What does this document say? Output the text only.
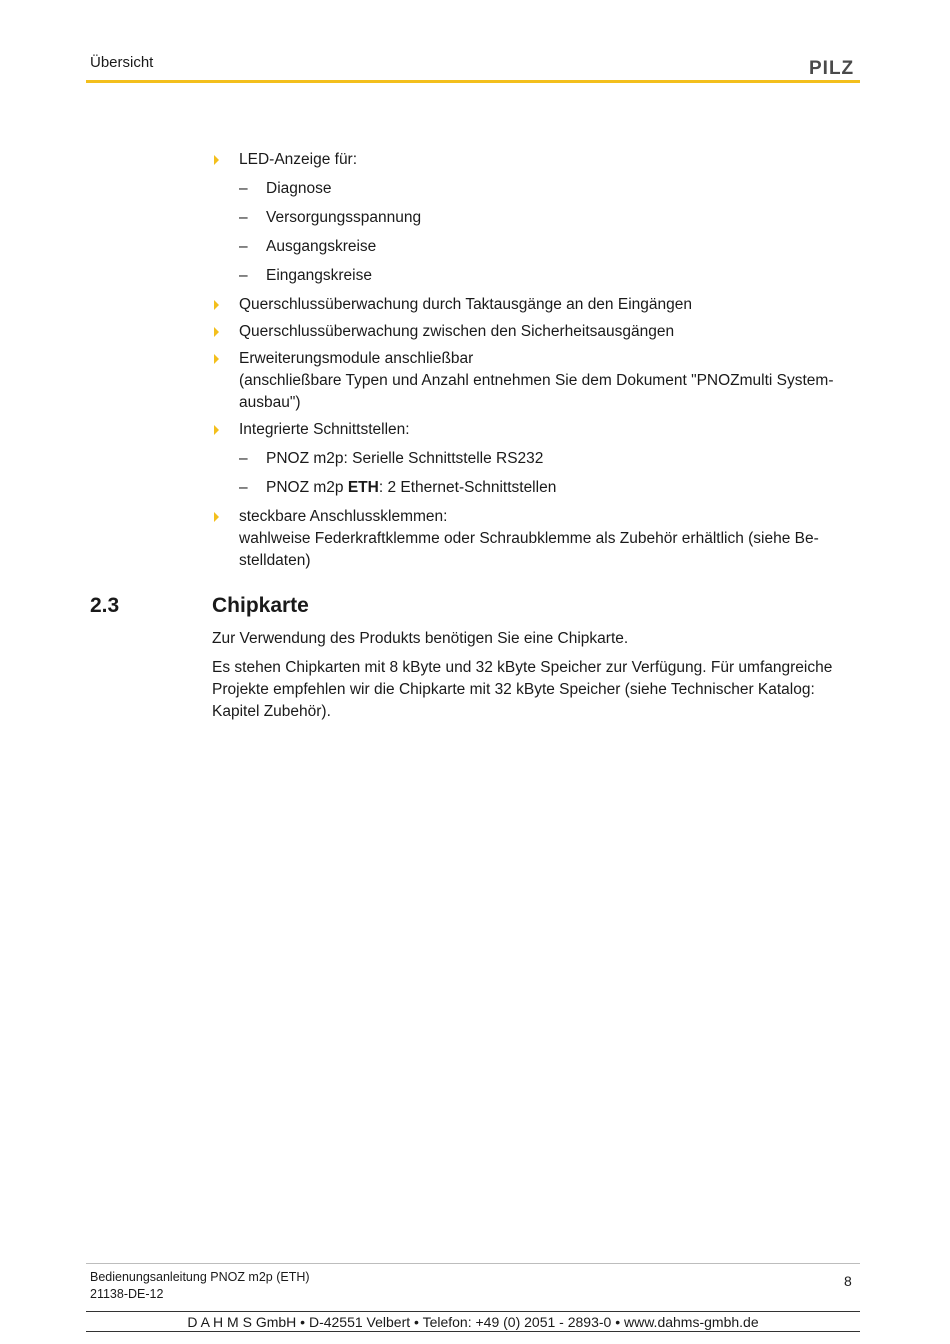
Übersicht	PILZ
LED-Anzeige für:
– Diagnose
– Versorgungsspannung
– Ausgangskreise
– Eingangskreise
Querschlussüberwachung durch Taktausgänge an den Eingängen
Querschlussüberwachung zwischen den Sicherheitsausgängen
Erweiterungsmodule anschließbar
(anschließbare Typen und Anzahl entnehmen Sie dem Dokument "PNOZmulti System-
ausbau")
Integrierte Schnittstellen:
– PNOZ m2p: Serielle Schnittstelle RS232
– PNOZ m2p ETH: 2 Ethernet-Schnittstellen
steckbare Anschlussklemmen:
wahlweise Federkraftklemme oder Schraubklemme als Zubehör erhältlich (siehe Be-
stelldaten)
2.3	Chipkarte

Zur Verwendung des Produkts benötigen Sie eine Chipkarte.

Es stehen Chipkarten mit 8 kByte und 32 kByte Speicher zur Verfügung. Für umfangreiche
Projekte empfehlen wir die Chipkarte mit 32 kByte Speicher (siehe Technischer Katalog:
Kapitel Zubehör).

Bedienungsanleitung PNOZ m2p (ETH)
21138-DE-12
8
D A H M S GmbH • D-42551 Velbert • Telefon: +49 (0) 2051 - 2893-0 • www.dahms-gmbh.de
